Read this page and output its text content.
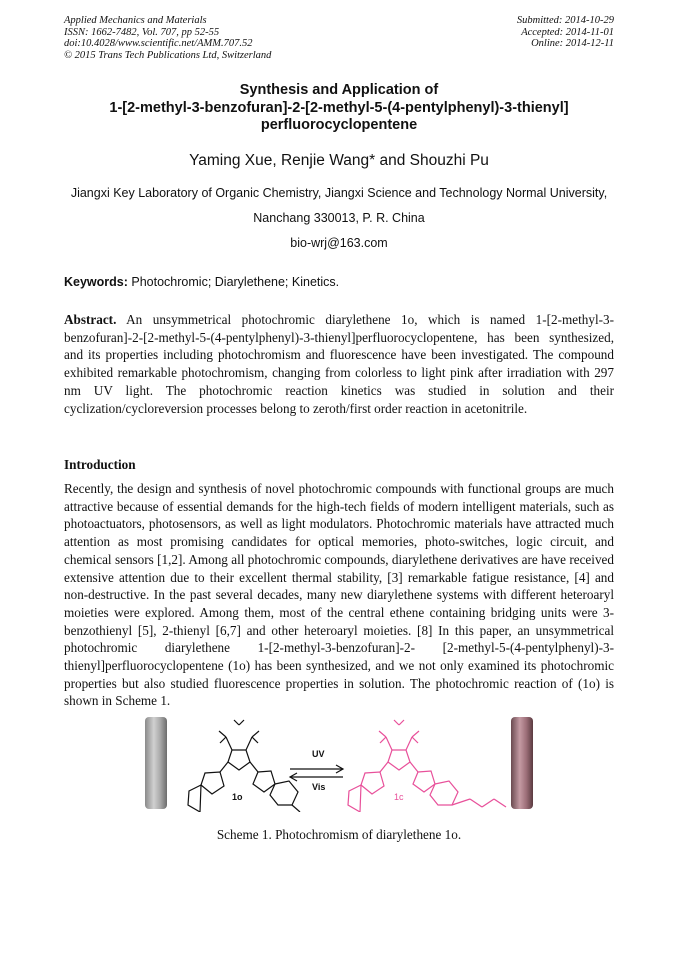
Applied Mechanics and Materials
ISSN: 1662-7482, Vol. 707, pp 52-55
doi:10.4028/www.scientific.net/AMM.707.52
© 2015 Trans Tech Publications Ltd, Switzerland
Submitted: 2014-10-29
Accepted: 2014-11-01
Online: 2014-12-11
Synthesis and Application of
1-[2-methyl-3-benzofuran]-2-[2-methyl-5-(4-pentylphenyl)-3-thienyl]
perfluorocyclopentene
Yaming Xue, Renjie Wang* and Shouzhi Pu
Jiangxi Key Laboratory of Organic Chemistry, Jiangxi Science and Technology Normal University,
Nanchang 330013, P. R. China
bio-wrj@163.com
Keywords: Photochromic; Diarylethene; Kinetics.
Abstract. An unsymmetrical photochromic diarylethene 1o, which is named 1-[2-methyl-3-benzofuran]-2-[2-methyl-5-(4-pentylphenyl)-3-thienyl]perfluorocyclopentene, has been synthesized, and its properties including photochromism and fluorescence have been investigated. The compound exhibited remarkable photochromism, changing from colorless to light pink after irradiation with 297 nm UV light. The photochromic reaction kinetics was studied in solution and their cyclization/cycloreversion processes belong to zeroth/first order reaction in acetonitrile.
Introduction
Recently, the design and synthesis of novel photochromic compounds with functional groups are much attractive because of essential demands for the high-tech fields of modern intelligent materials, such as photoactuators, photosensors, as well as light modulators. Photochromic materials have attracted much attention as most promising candidates for optical memories, photo-switches, logic circuit, and chemical sensors [1,2]. Among all photochromic compounds, diarylethene derivatives are have received extensive attention due to their excellent thermal stability, [3] remarkable fatigue resistance, [4] and non-destructive. In the past several decades, many new diarylethene systems with different heteroaryl moieties were explored. Among them, most of the central ethene containing bridging units were 3-benzothienyl [5], 2-thienyl [6,7] and other heteroaryl moieties. [8] In this paper, an unsymmetrical photochromic diarylethene 1-[2-methyl-3-benzofuran]-2- [2-methyl-5-(4-pentylphenyl)-3-thienyl]perfluorocyclopentene (1o) has been synthesized, and we not only examined its photochromic properties but also studied fluorescence properties in solution. The photochromic reaction of (1o) is shown in Scheme 1.
UV
Vis
1o	1c
Scheme 1. Photochromism of diarylethene 1o.
